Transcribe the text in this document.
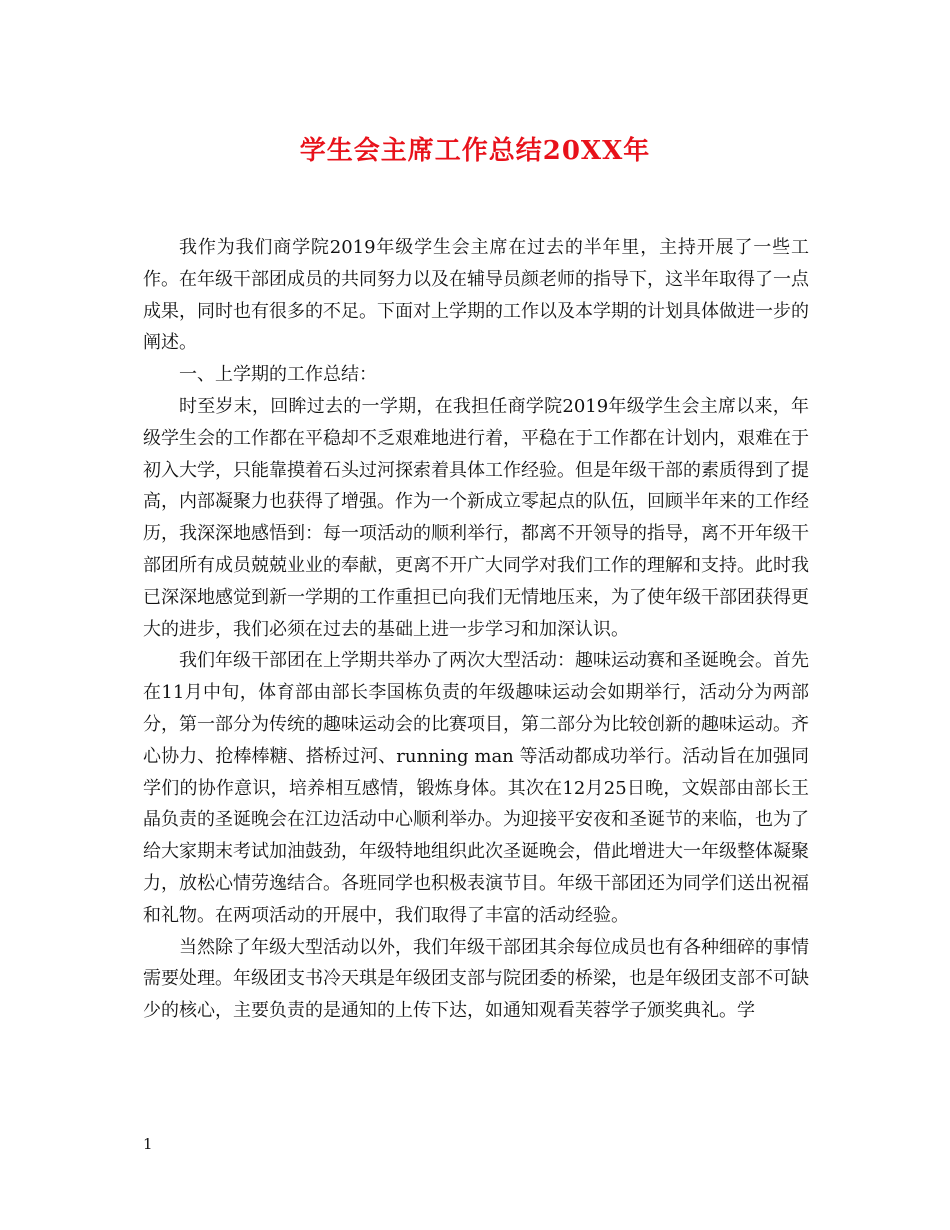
学生会主席工作总结20XX年

我作为我们商学院2019年级学生会主席在过去的半年里，主持开展了一些工作。在年级干部团成员的共同努力以及在辅导员颜老师的指导下，这半年取得了一点成果，同时也有很多的不足。下面对上学期的工作以及本学期的计划具体做进一步的阐述。

一、上学期的工作总结：

时至岁末，回眸过去的一学期，在我担任商学院2019年级学生会主席以来，年级学生会的工作都在平稳却不乏艰难地进行着，平稳在于工作都在计划内，艰难在于初入大学，只能靠摸着石头过河探索着具体工作经验。但是年级干部的素质得到了提高，内部凝聚力也获得了增强。作为一个新成立零起点的队伍，回顾半年来的工作经历，我深深地感悟到：每一项活动的顺利举行，都离不开领导的指导，离不开年级干部团所有成员兢兢业业的奉献，更离不开广大同学对我们工作的理解和支持。此时我已深深地感觉到新一学期的工作重担已向我们无情地压来，为了使年级干部团获得更大的进步，我们必须在过去的基础上进一步学习和加深认识。

我们年级干部团在上学期共举办了两次大型活动：趣味运动赛和圣诞晚会。首先在11月中旬，体育部由部长李国栋负责的年级趣味运动会如期举行，活动分为两部分，第一部分为传统的趣味运动会的比赛项目，第二部分为比较创新的趣味运动。齐心协力、抢棒棒糖、搭桥过河、running man 等活动都成功举行。活动旨在加强同学们的协作意识，培养相互感情，锻炼身体。其次在12月25日晚，文娱部由部长王晶负责的圣诞晚会在江边活动中心顺利举办。为迎接平安夜和圣诞节的来临，也为了给大家期末考试加油鼓劲，年级特地组织此次圣诞晚会，借此增进大一年级整体凝聚力，放松心情劳逸结合。各班同学也积极表演节目。年级干部团还为同学们送出祝福和礼物。在两项活动的开展中，我们取得了丰富的活动经验。

当然除了年级大型活动以外，我们年级干部团其余每位成员也有各种细碎的事情需要处理。年级团支书冷天琪是年级团支部与院团委的桥梁，也是年级团支部不可缺少的核心，主要负责的是通知的上传下达，如通知观看芙蓉学子颁奖典礼。学

1
